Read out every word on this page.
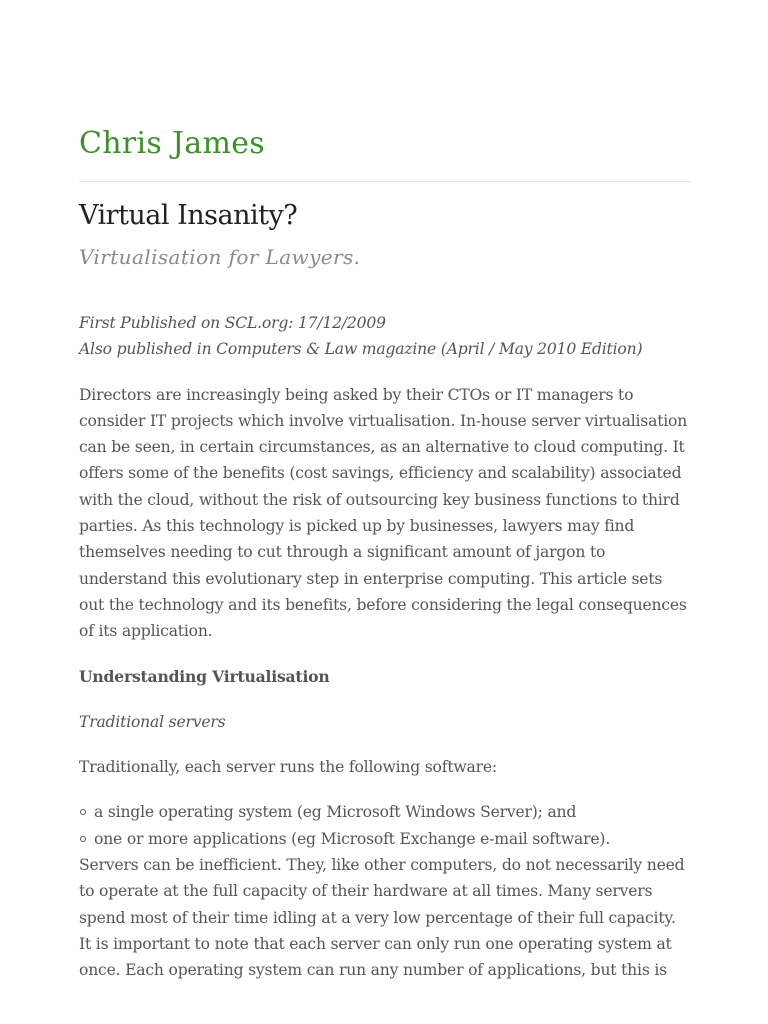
Chris James
Virtual Insanity?
Virtualisation for Lawyers.

First Published on SCL.org: 17/12/2009
Also published in Computers & Law magazine (April / May 2010 Edition)

Directors are increasingly being asked by their CTOs or IT managers to consider IT projects which involve virtualisation. In-house server virtualisation can be seen, in certain circumstances, as an alternative to cloud computing. It offers some of the benefits (cost savings, efficiency and scalability) associated with the cloud, without the risk of outsourcing key business functions to third parties. As this technology is picked up by businesses, lawyers may find themselves needing to cut through a significant amount of jargon to understand this evolutionary step in enterprise computing. This article sets out the technology and its benefits, before considering the legal consequences of its application.

Understanding Virtualisation

Traditional servers

Traditionally, each server runs the following software:

a single operating system (eg Microsoft Windows Server); and
one or more applications (eg Microsoft Exchange e-mail software).

Servers can be inefficient. They, like other computers, do not necessarily need to operate at the full capacity of their hardware at all times. Many servers spend most of their time idling at a very low percentage of their full capacity. It is important to note that each server can only run one operating system at once. Each operating system can run any number of applications, but this is
